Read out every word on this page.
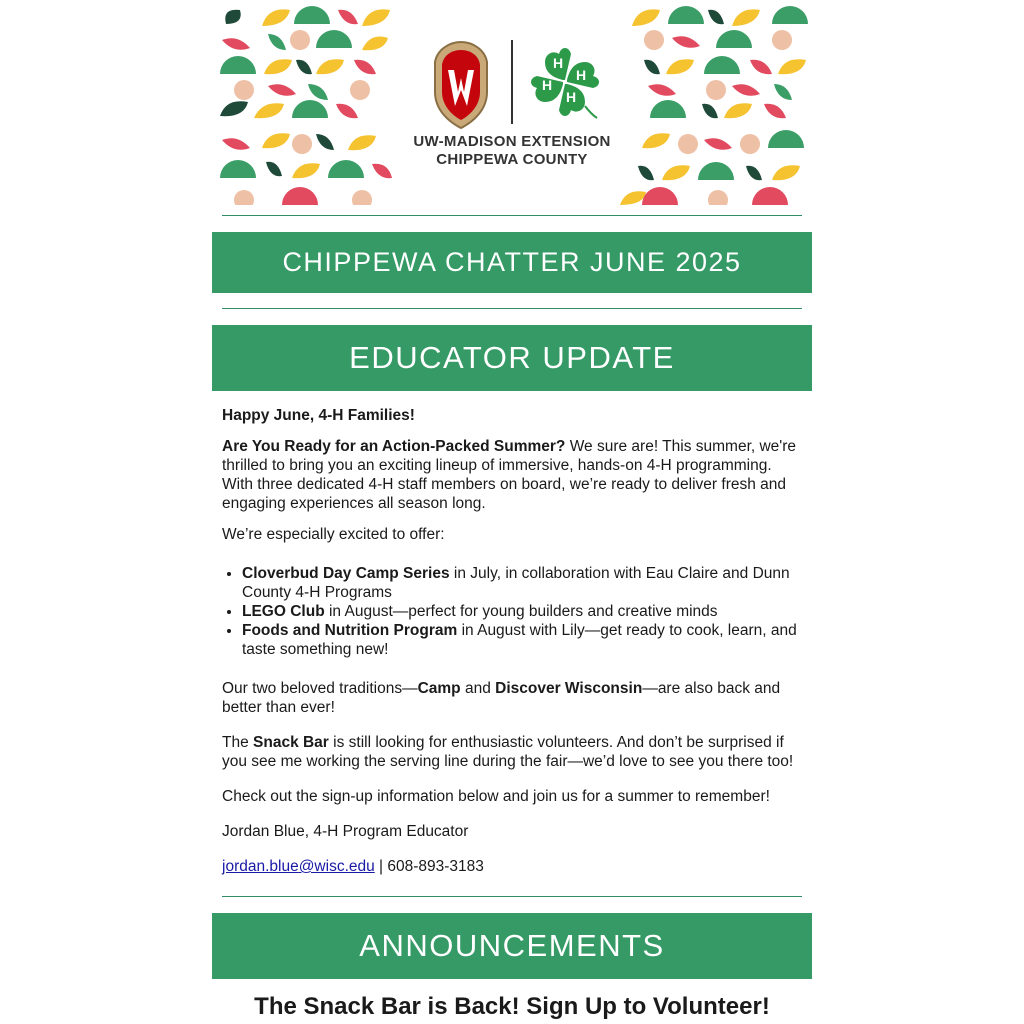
H
H
H
H
UW-MADISON EXTENSION
CHIPPEWA COUNTY
CHIPPEWA CHATTER JUNE 2025
EDUCATOR UPDATE

Happy June, 4-H Families!

Are You Ready for an Action-Packed Summer? We sure are! This summer, we're thrilled to bring you an exciting lineup of immersive, hands-on 4-H programming. With three dedicated 4-H staff members on board, we’re ready to deliver fresh and engaging experiences all season long.

We’re especially excited to offer:

• Cloverbud Day Camp Series in July, in collaboration with Eau Claire and Dunn County 4-H Programs
• LEGO Club in August—perfect for young builders and creative minds
• Foods and Nutrition Program in August with Lily—get ready to cook, learn, and taste something new!

Our two beloved traditions—Camp and Discover Wisconsin—are also back and better than ever!

The Snack Bar is still looking for enthusiastic volunteers. And don’t be surprised if you see me working the serving line during the fair—we’d love to see you there too!

Check out the sign-up information below and join us for a summer to remember!

Jordan Blue, 4-H Program Educator

jordan.blue@wisc.edu | 608-893-3183

ANNOUNCEMENTS
The Snack Bar is Back! Sign Up to Volunteer!
